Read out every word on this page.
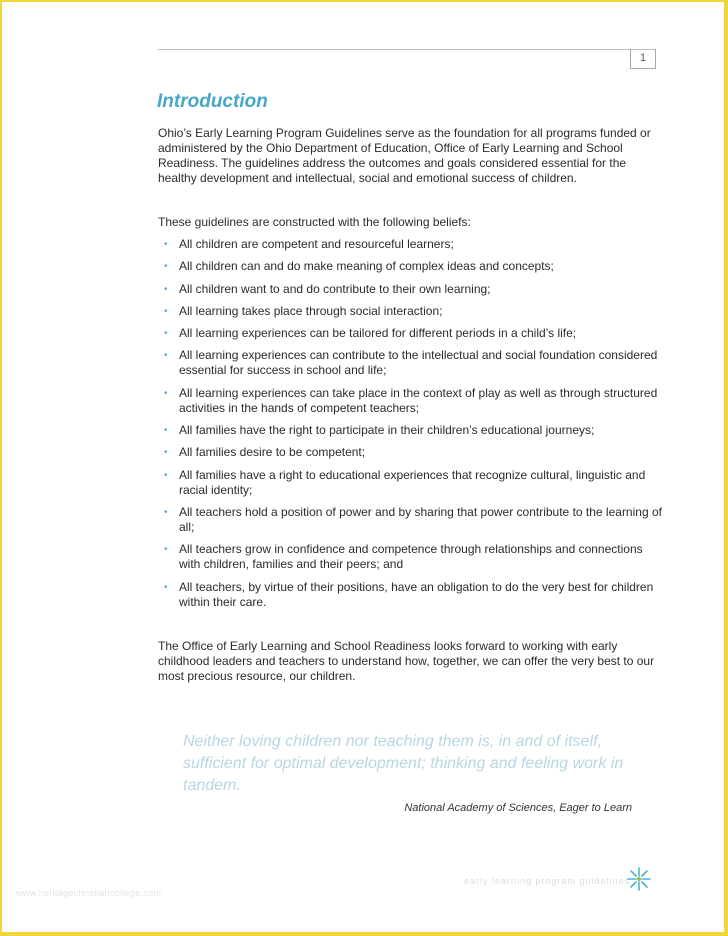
1
Introduction

Ohio’s Early Learning Program Guidelines serve as the foundation for all programs funded or administered by the Ohio Department of Education, Office of Early Learning and School Readiness. The guidelines address the outcomes and goals considered essential for the healthy development and intellectual, social and emotional success of children.

These guidelines are constructed with the following beliefs:

• All children are competent and resourceful learners;
• All children can and do make meaning of complex ideas and concepts;
• All children want to and do contribute to their own learning;
• All learning takes place through social interaction;
• All learning experiences can be tailored for different periods in a child’s life;
• All learning experiences can contribute to the intellectual and social foundation considered essential for success in school and life;
• All learning experiences can take place in the context of play as well as through structured activities in the hands of competent teachers;
• All families have the right to participate in their children’s educational journeys;
• All families desire to be competent;
• All families have a right to educational experiences that recognize cultural, linguistic and racial identity;
• All teachers hold a position of power and by sharing that power contribute to the learning of all;
• All teachers grow in confidence and competence through relationships and connections with children, families and their peers; and
• All teachers, by virtue of their positions, have an obligation to do the very best for children within their care.

The Office of Early Learning and School Readiness looks forward to working with early childhood leaders and teachers to understand how, together, we can offer the very best to our most precious resource, our children.

Neither loving children nor teaching them is, in and of itself, sufficient for optimal development; thinking and feeling work in tandem.

National Academy of Sciences, Eager to Learn
www.heritagechristiancollege.com
early learning program guidelines
